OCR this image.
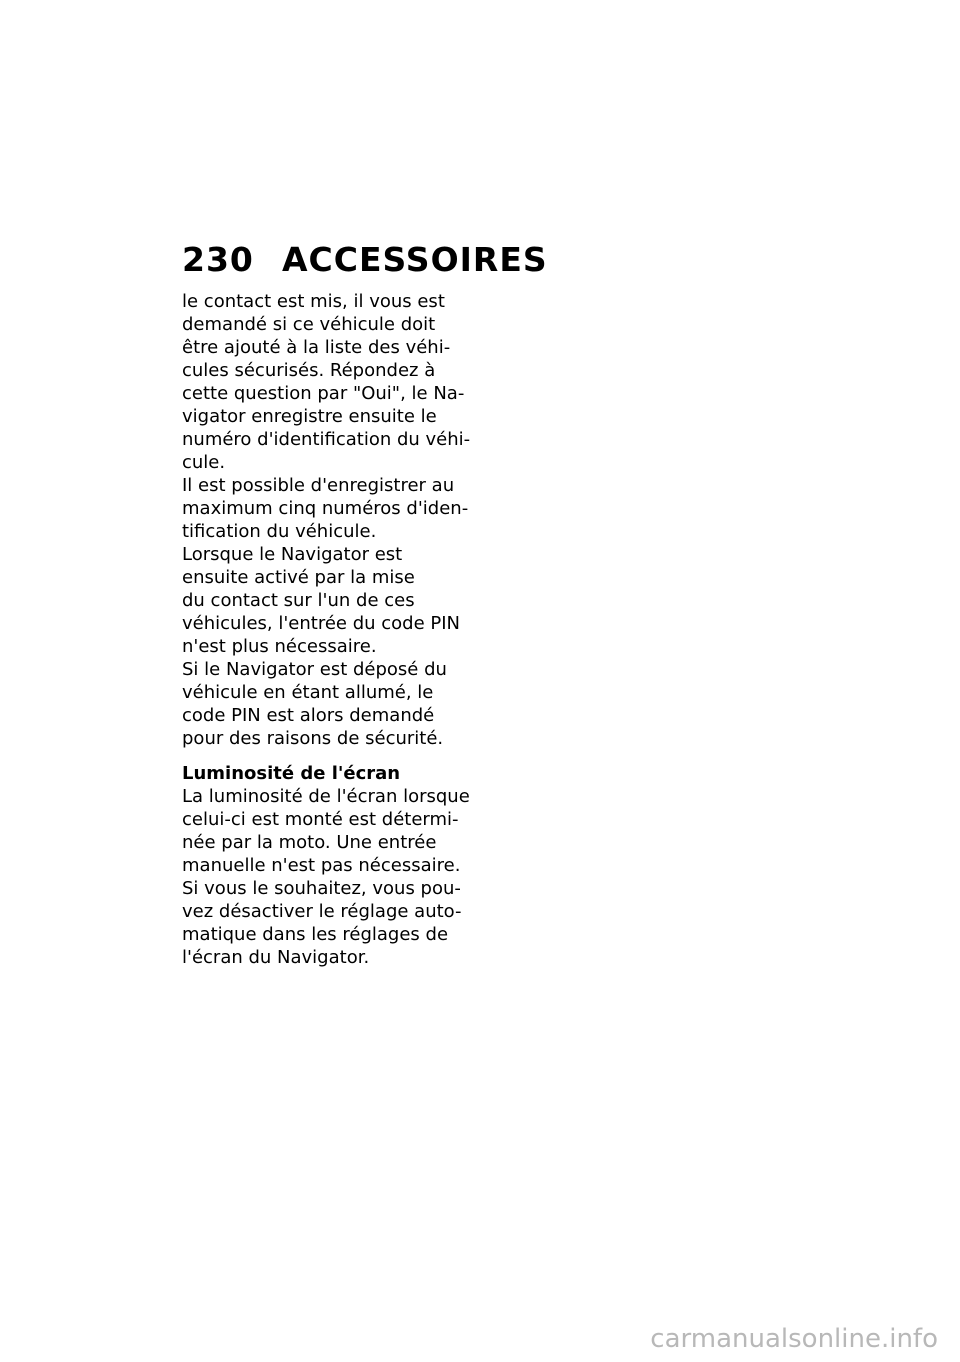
230 ACCESSOIRES
le contact est mis, il vous est
demandé si ce véhicule doit
être ajouté à la liste des véhi-
cules sécurisés. Répondez à
cette question par "Oui", le Na-
vigator enregistre ensuite le
numéro d'identification du véhi-
cule.
Il est possible d'enregistrer au
maximum cinq numéros d'iden-
tification du véhicule.
Lorsque le Navigator est
ensuite activé par la mise
du contact sur l'un de ces
véhicules, l'entrée du code PIN
n'est plus nécessaire.
Si le Navigator est déposé du
véhicule en étant allumé, le
code PIN est alors demandé
pour des raisons de sécurité.
Luminosité de l'écran
La luminosité de l'écran lorsque
celui-ci est monté est détermi-
née par la moto. Une entrée
manuelle n'est pas nécessaire.
Si vous le souhaitez, vous pou-
vez désactiver le réglage auto-
matique dans les réglages de
l'écran du Navigator.
carmanualsonline.info
